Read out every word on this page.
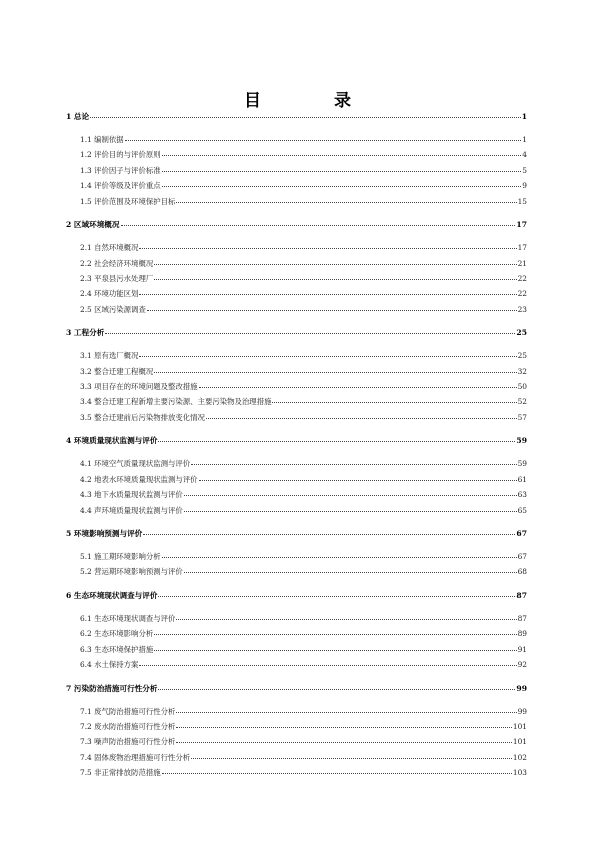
目　录
1 总论	1
1.1 编制依据	1
1.2 评价目的与评价原则	4
1.3 评价因子与评价标准	5
1.4 评价等级及评价重点	9
1.5 评价范围及环境保护目标	15
2 区域环境概况	17
2.1 自然环境概况	17
2.2 社会经济环境概况	21
2.3 平泉县污水处理厂	22
2.4 环境功能区划	22
2.5 区域污染源调查	23
3 工程分析	25
3.1 原有选厂概况	25
3.2 整合迁建工程概况	32
3.3 项目存在的环境问题及整改措施	50
3.4 整合迁建工程新增主要污染源、主要污染物及治理措施	52
3.5 整合迁建前后污染物排放变化情况	57
4 环境质量现状监测与评价	59
4.1 环境空气质量现状监测与评价	59
4.2 地表水环境质量现状监测与评价	61
4.3 地下水质量现状监测与评价	63
4.4 声环境质量现状监测与评价	65
5 环境影响预测与评价	67
5.1 施工期环境影响分析	67
5.2 营运期环境影响预测与评价	68
6 生态环境现状调查与评价	87
6.1 生态环境现状调查与评价	87
6.2 生态环境影响分析	89
6.3 生态环境保护措施	91
6.4 水土保持方案	92
7 污染防治措施可行性分析	99
7.1 废气防治措施可行性分析	99
7.2 废水防治措施可行性分析	101
7.3 噪声防治措施可行性分析	101
7.4 固体废物治理措施可行性分析	102
7.5 非正常排放防范措施	103
